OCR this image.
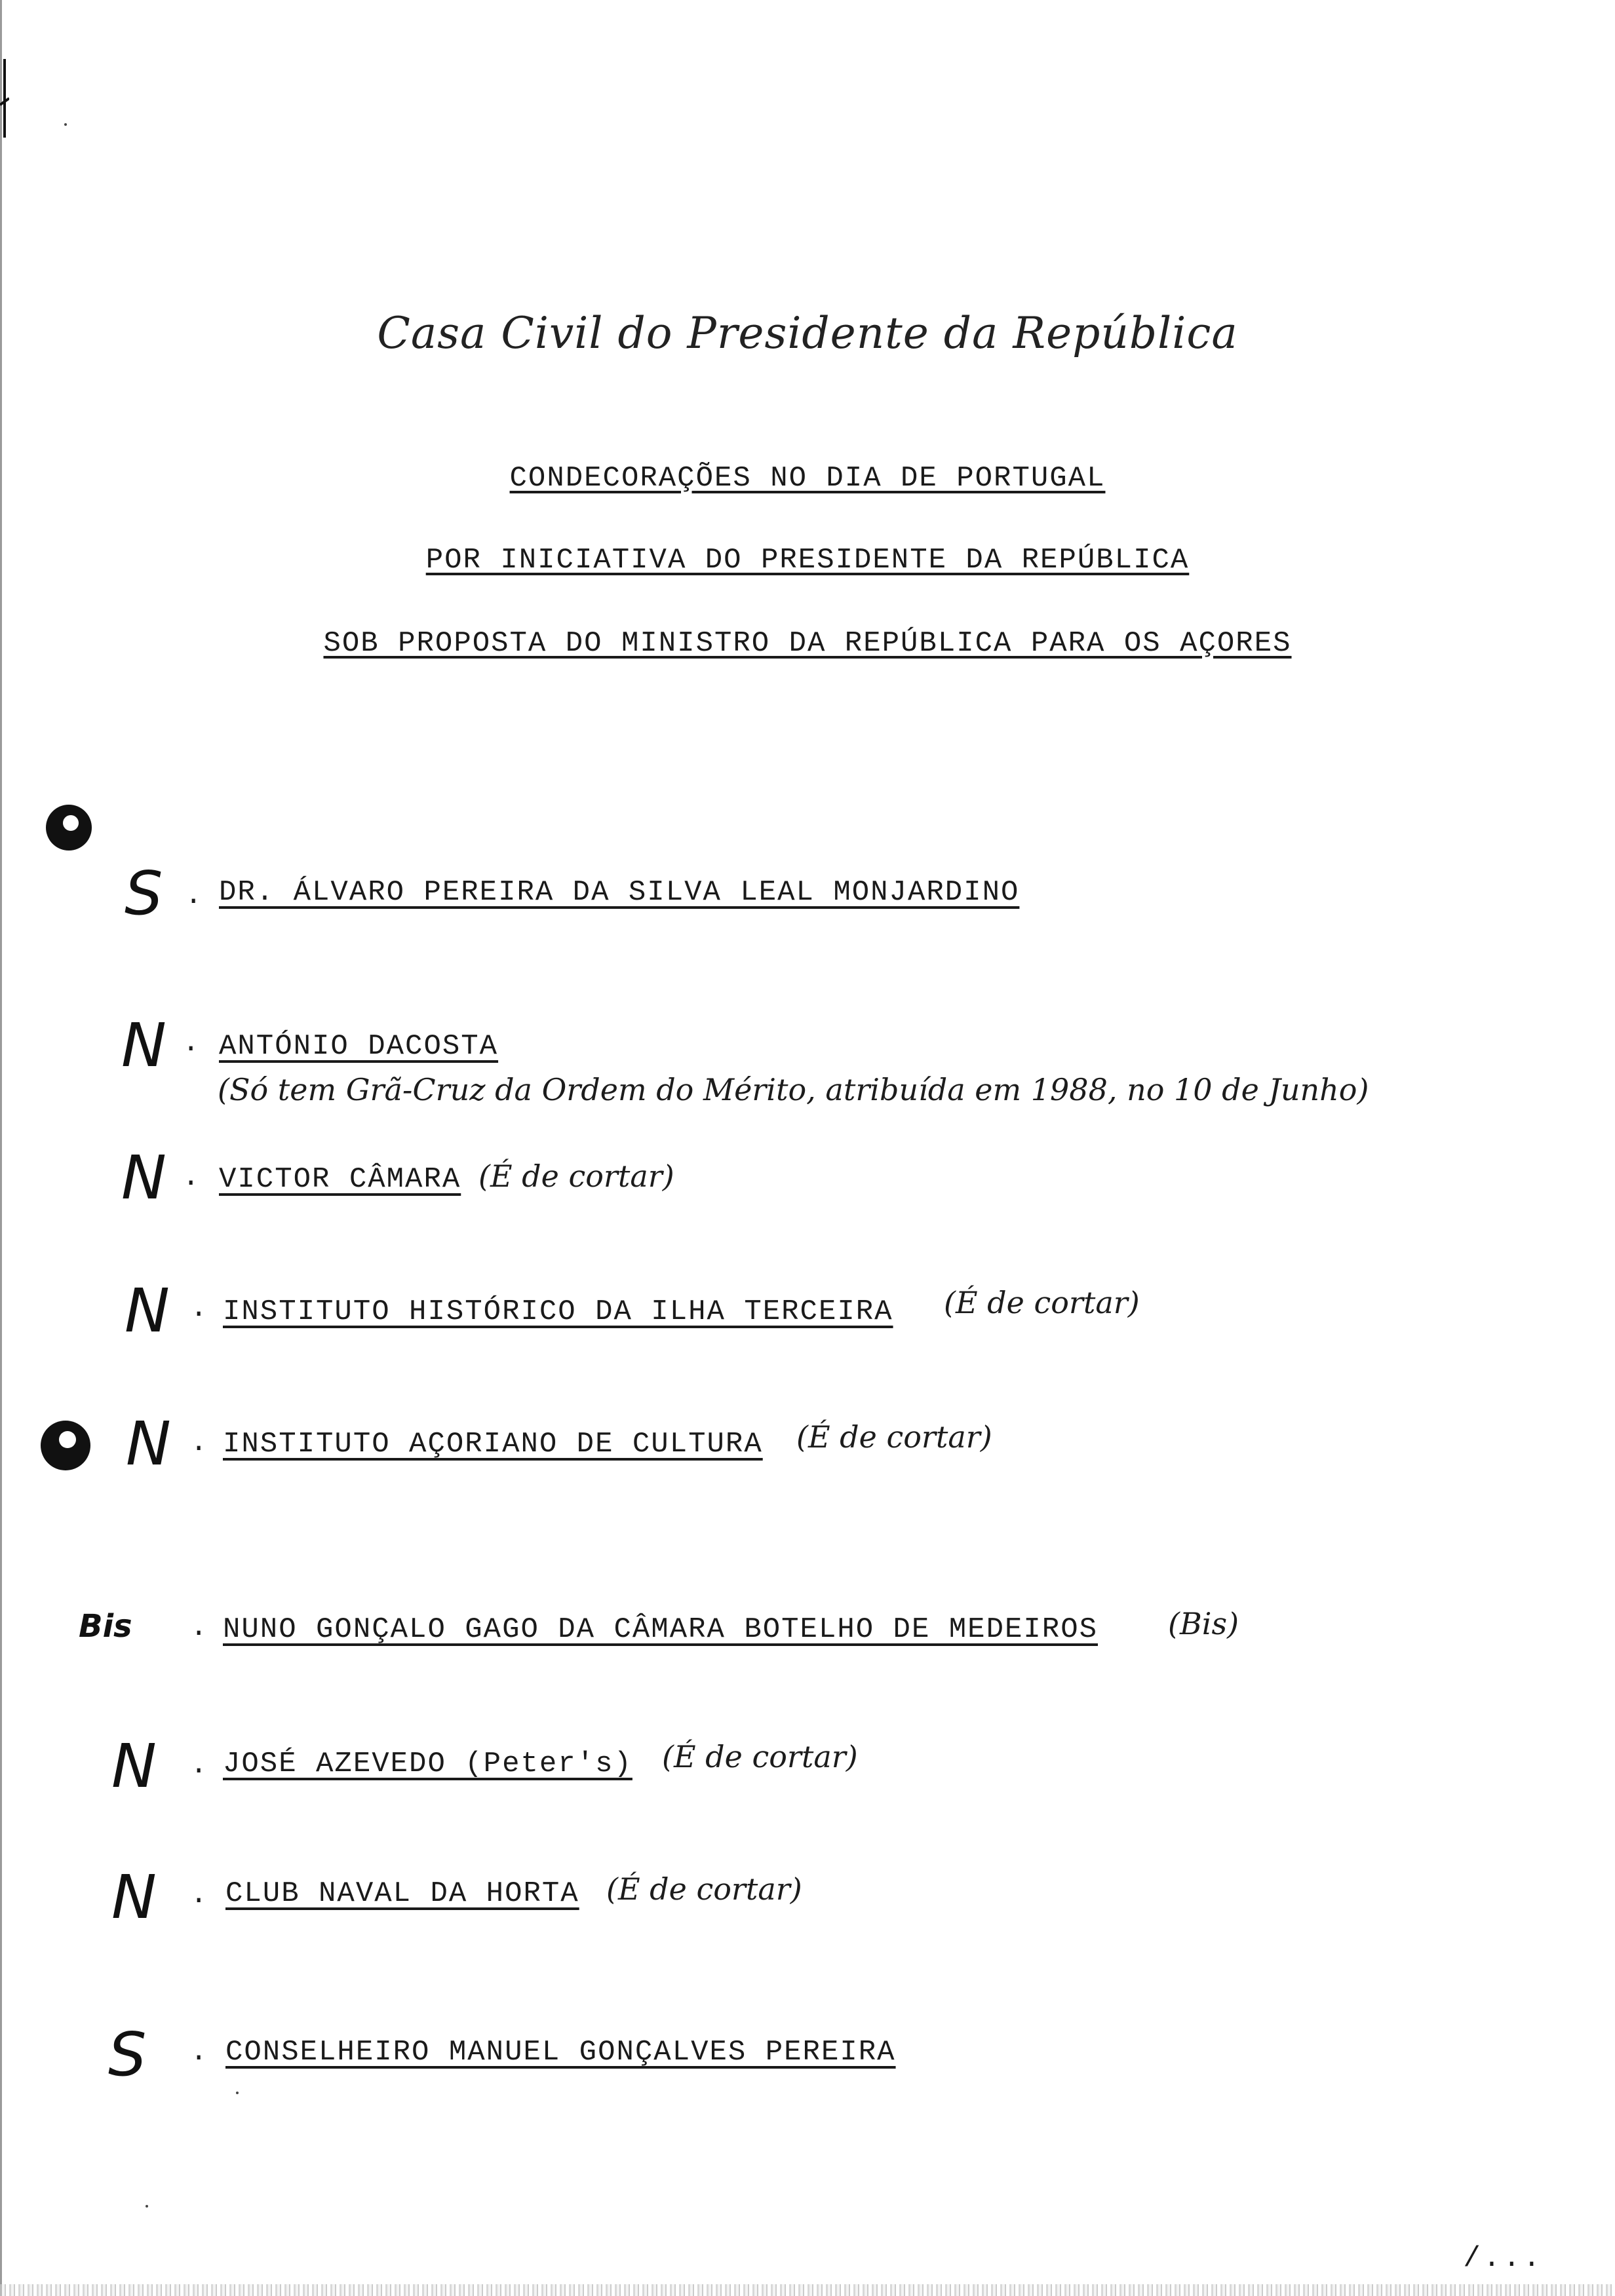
Casa Civil do Presidente da República
CONDECORAÇÕES NO DIA DE PORTUGAL
POR INICIATIVA DO PRESIDENTE DA REPÚBLICA
SOB PROPOSTA DO MINISTRO DA REPÚBLICA PARA OS AÇORES
S . DR. ÁLVARO PEREIRA DA SILVA LEAL MONJARDINO
N . ANTÓNIO DACOSTA
(Só tem Grã-Cruz da Ordem do Mérito, atribuída em 1988, no 10 de Junho)
N . VICTOR CÂMARA (É de cortar)
N . INSTITUTO HISTÓRICO DA ILHA TERCEIRA (É de cortar)
N . INSTITUTO AÇORIANO DE CULTURA (É de cortar)
Bis . NUNO GONÇALO GAGO DA CÂMARA BOTELHO DE MEDEIROS (Bis)
N . JOSÉ AZEVEDO (Peter's) (É de cortar)
N . CLUB NAVAL DA HORTA (É de cortar)
S . CONSELHEIRO MANUEL GONÇALVES PEREIRA
/...
